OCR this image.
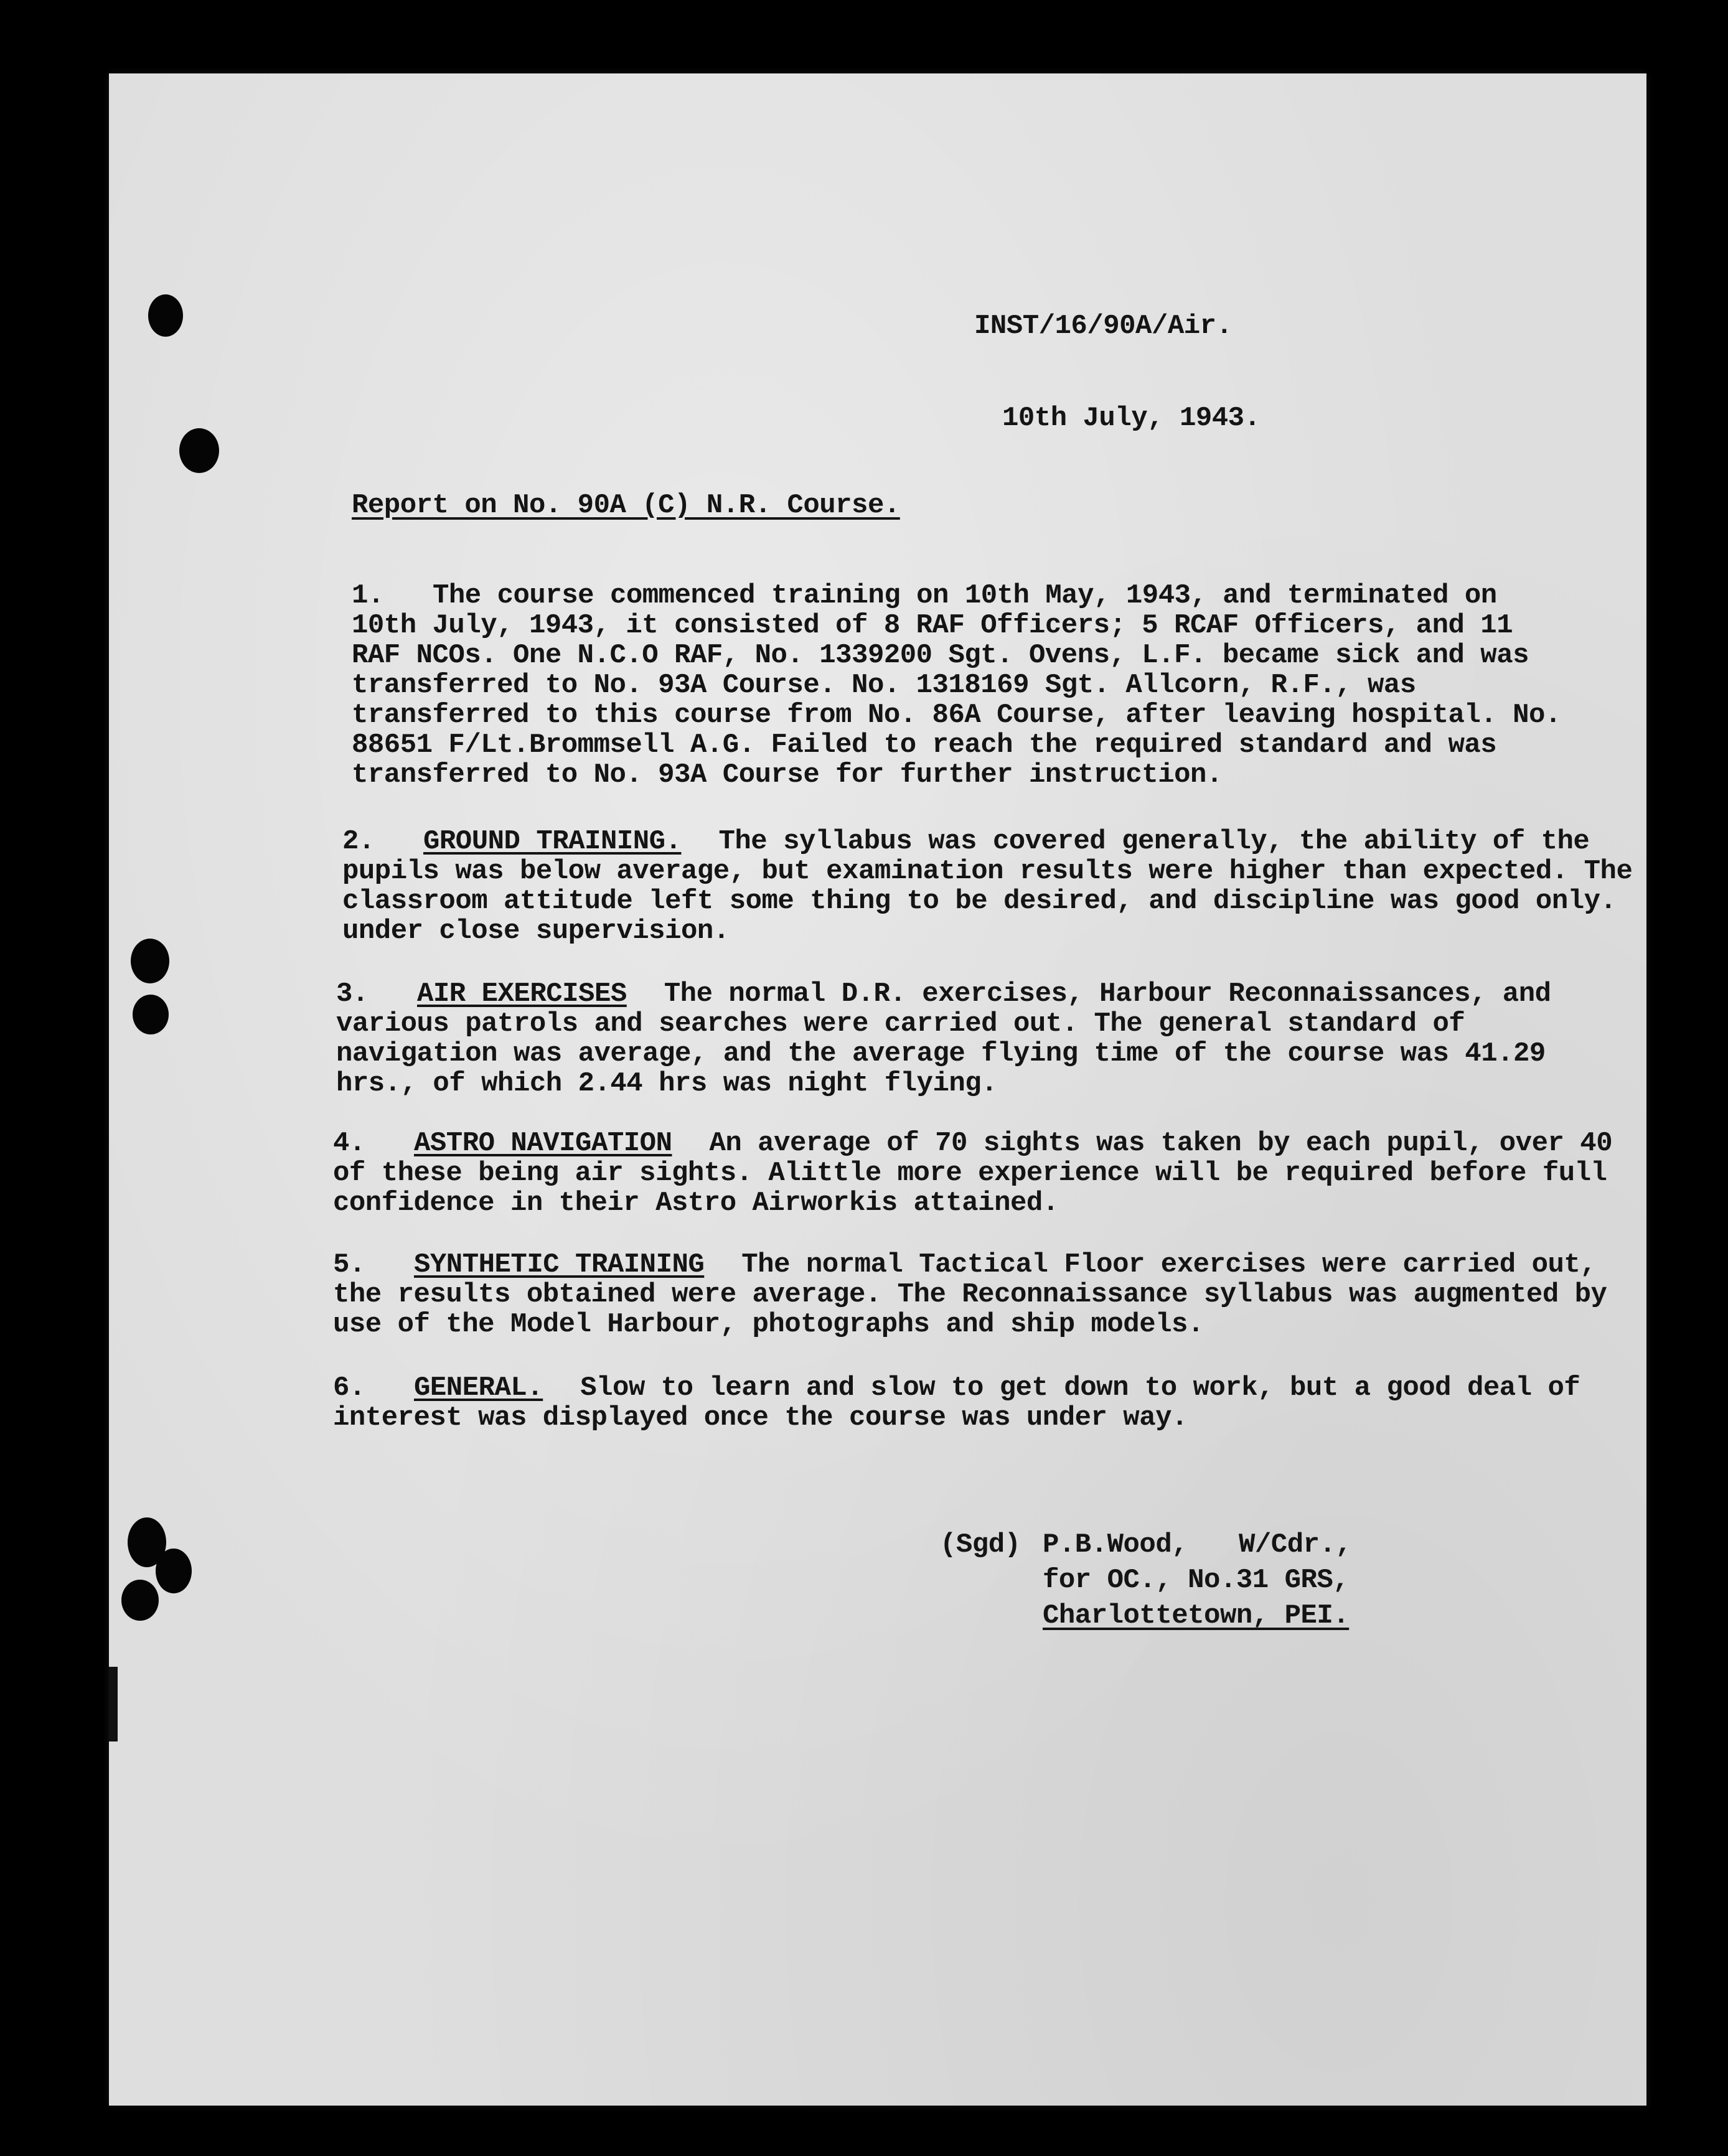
INST/16/90A/Air.
10th July, 1943.
Report on No. 90A (C) N.R. Course.
1. The course commenced training on 10th May, 1943, and terminated on 10th July, 1943, it consisted of 8 RAF Officers; 5 RCAF Officers, and 11 RAF NCOs. One N.C.O RAF, No. 1339200 Sgt. Ovens, L.F. became sick and was transferred to No. 93A Course. No. 1318169 Sgt. Allcorn, R.F., was transferred to this course from No. 86A Course, after leaving hospital. No. 88651 F/Lt.Brommsell A.G. Failed to reach the required standard and was transferred to No. 93A Course for further instruction.
2. GROUND TRAINING. The syllabus was covered generally, the ability of the pupils was below average, but examination results were higher than expected. The classroom attitude left some thing to be desired, and discipline was good only. under close supervision.
3. AIR EXERCISES The normal D.R. exercises, Harbour Reconnaissances, and various patrols and searches were carried out. The general standard of navigation was average, and the average flying time of the course was 41.29 hrs., of which 2.44 hrs was night flying.
4. ASTRO NAVIGATION An average of 70 sights was taken by each pupil, over 40 of these being air sights. Alittle more experience will be required before full confidence in their Astro Airworkis attained.
5. SYNTHETIC TRAINING The normal Tactical Floor exercises were carried out, the results obtained were average. The Reconnaissance syllabus was augmented by use of the Model Harbour, photographs and ship models.
6. GENERAL. Slow to learn and slow to get down to work, but a good deal of interest was displayed once the course was under way.
(Sgd) P.B.Wood, W/Cdr.,
for OC., No.31 GRS,
Charlottetown, PEI.
